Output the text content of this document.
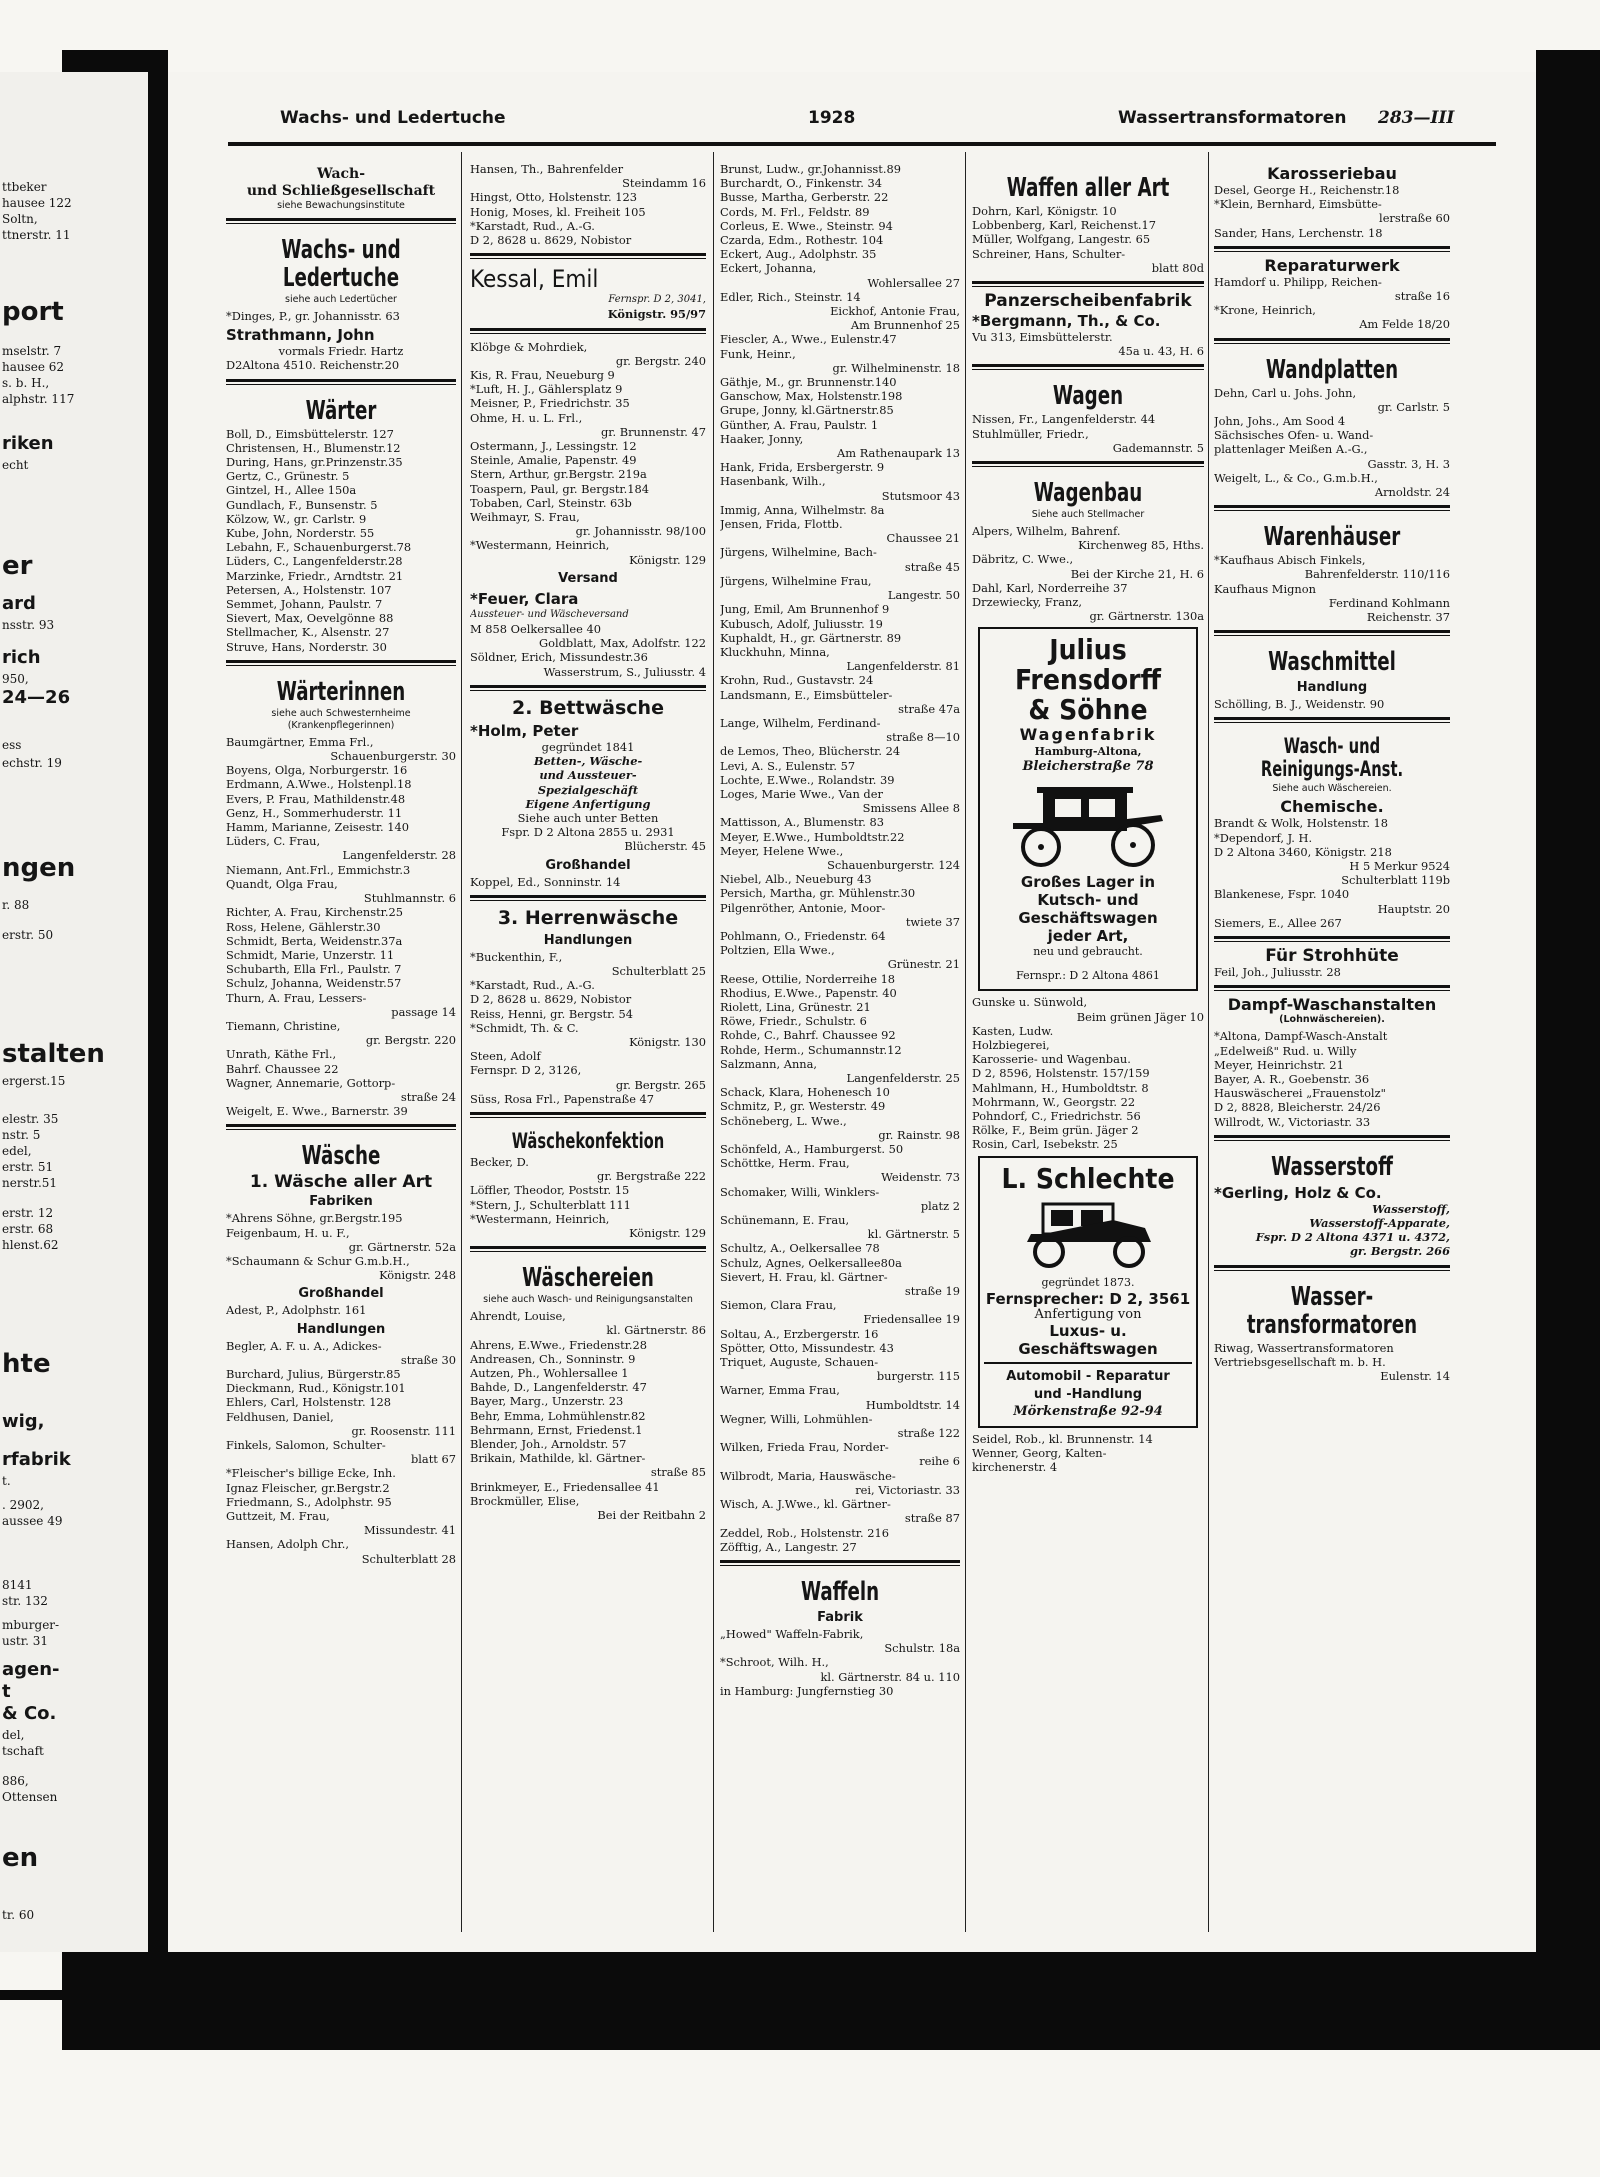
ttbeker
hausee 122
Soltn,
ttnerstr. 11
port
mselstr. 7
hausee 62
s. b. H.,
alphstr. 117
riken
echt
er
ard
nsstr. 93
rich
950,
24—26
ess
echstr. 19
ngen
r. 88
erstr. 50
stalten
ergerst.15
elestr. 35
nstr. 5
edel,
erstr. 51
nerstr.51
erstr. 12
erstr. 68
hlenst.62
hte
wig,
rfabrik
t.
. 2902,
aussee 49
8141
str. 132
mburger-
ustr. 31
agen-
t
& Co.
del,
tschaft
886,
Ottensen
en
tr. 60
Wachs- und Ledertuche	1928	Wassertransformatoren 283—III
Wach-
und Schließgesellschaft
siehe Bewachungsinstitute
Wachs- und Ledertuche
siehe auch Ledertücher
*Dinges, P., gr. Johannisstr. 63
Strathmann, John
vormals Friedr. Hartz
D2Altona 4510. Reichenstr.20
Wärter
Boll, D., Eimsbüttelerstr. 127
Christensen, H., Blumenstr.12
During, Hans, gr.Prinzenstr.35
Gertz, C., Grünestr. 5
Gintzel, H., Allee 150a
Gundlach, F., Bunsenstr. 5
Kölzow, W., gr. Carlstr. 9
Kube, John, Norderstr. 55
Lebahn, F., Schauenburgerst.78
Lüders, C., Langenfelderstr.28
Marzinke, Friedr., Arndtstr. 21
Petersen, A., Holstenstr. 107
Semmet, Johann, Paulstr. 7
Sievert, Max, Oevelgönne 88
Stellmacher, K., Alsenstr. 27
Struve, Hans, Norderstr. 30
Wärterinnen
siehe auch Schwesternheime (Krankenpflegerinnen)
Baumgärtner, Emma Frl.,
Schauenburgerstr. 30
Boyens, Olga, Norburgerstr. 16
Erdmann, A.Wwe., Holstenpl.18
Evers, P. Frau, Mathildenstr.48
Genz, H., Sommerhuderstr. 11
Hamm, Marianne, Zeisestr. 140
Lüders, C. Frau,
Langenfelderstr. 28
Niemann, Ant.Frl., Emmichstr.3
Quandt, Olga Frau,
Stuhlmannstr. 6
Richter, A. Frau, Kirchenstr.25
Ross, Helene, Gählerstr.30
Schmidt, Berta, Weidenstr.37a
Schmidt, Marie, Unzerstr. 11
Schubarth, Ella Frl., Paulstr. 7
Schulz, Johanna, Weidenstr.57
Thurn, A. Frau, Lessers-
passage 14
Tiemann, Christine,
gr. Bergstr. 220
Unrath, Käthe Frl.,
Bahrf. Chaussee 22
Wagner, Annemarie, Gottorp-
straße 24
Weigelt, E. Wwe., Barnerstr. 39
Wäsche
1. Wäsche aller Art
Fabriken
*Ahrens Söhne, gr.Bergstr.195
Feigenbaum, H. u. F.,
gr. Gärtnerstr. 52a
*Schaumann & Schur G.m.b.H.,
Königstr. 248
Großhandel
Adest, P., Adolphstr. 161
Handlungen
Begler, A. F. u. A., Adickes-
straße 30
Burchard, Julius, Bürgerstr.85
Dieckmann, Rud., Königstr.101
Ehlers, Carl, Holstenstr. 128
Feldhusen, Daniel,
gr. Roosenstr. 111
Finkels, Salomon, Schulter-
blatt 67
*Fleischer's billige Ecke, Inh.
Ignaz Fleischer, gr.Bergstr.2
Friedmann, S., Adolphstr. 95
Guttzeit, M. Frau,
Missundestr. 41
Hansen, Adolph Chr.,
Schulterblatt 28
Hansen, Th., Bahrenfelder
Steindamm 16
Hingst, Otto, Holstenstr. 123
Honig, Moses, kl. Freiheit 105
*Karstadt, Rud., A.-G.
D 2, 8628 u. 8629, Nobistor
Kessal, Emil
Fernspr. D 2, 3041,
Königstr. 95/97
Klöbge & Mohrdiek,
gr. Bergstr. 240
Kis, R. Frau, Neueburg 9
*Luft, H. J., Gählersplatz 9
Meisner, P., Friedrichstr. 35
Ohme, H. u. L. Frl.,
gr. Brunnenstr. 47
Ostermann, J., Lessingstr. 12
Steinle, Amalie, Papenstr. 49
Stern, Arthur, gr.Bergstr. 219a
Toaspern, Paul, gr. Bergstr.184
Tobaben, Carl, Steinstr. 63b
Weihmayr, S. Frau,
gr. Johannisstr. 98/100
*Westermann, Heinrich,
Königstr. 129
Versand
*Feuer, Clara
Aussteuer- und Wäscheversand
M 858 Oelkersallee 40
Goldblatt, Max, Adolfstr. 122
Söldner, Erich, Missundestr.36
Wasserstrum, S., Juliusstr. 4
2. Bettwäsche
*Holm, Peter
gegründet 1841
Betten-, Wäsche-
und Aussteuer-
Spezialgeschäft
Eigene Anfertigung
Siehe auch unter Betten
Fspr. D 2 Altona 2855 u. 2931
Blücherstr. 45
Großhandel
Koppel, Ed., Sonninstr. 14
3. Herrenwäsche
Handlungen
*Buckenthin, F.,
Schulterblatt 25
*Karstadt, Rud., A.-G.
D 2, 8628 u. 8629, Nobistor
Reiss, Henni, gr. Bergstr. 54
*Schmidt, Th. & C.
Königstr. 130
Steen, Adolf
Fernspr. D 2, 3126,
gr. Bergstr. 265
Süss, Rosa Frl., Papenstraße 47
Wäschekonfektion
Becker, D.
gr. Bergstraße 222
Löffler, Theodor, Poststr. 15
*Stern, J., Schulterblatt 111
*Westermann, Heinrich,
Königstr. 129
Wäschereien
siehe auch Wasch- und Reinigungsanstalten
Ahrendt, Louise,
kl. Gärtnerstr. 86
Ahrens, E.Wwe., Friedenstr.28
Andreasen, Ch., Sonninstr. 9
Autzen, Ph., Wohlersallee 1
Bahde, D., Langenfelderstr. 47
Bayer, Marg., Unzerstr. 23
Behr, Emma, Lohmühlenstr.82
Behrmann, Ernst, Friedenst.1
Blender, Joh., Arnoldstr. 57
Brikain, Mathilde, kl. Gärtner-
straße 85
Brinkmeyer, E., Friedensallee 41
Brockmüller, Elise,
Bei der Reitbahn 2
Brunst, Ludw., gr.Johannisst.89
Burchardt, O., Finkenstr. 34
Busse, Martha, Gerberstr. 22
Cords, M. Frl., Feldstr. 89
Corleus, E. Wwe., Steinstr. 94
Czarda, Edm., Rothestr. 104
Eckert, Aug., Adolphstr. 35
Eckert, Johanna,
Wohlersallee 27
Edler, Rich., Steinstr. 14
Eickhof, Antonie Frau,
Am Brunnenhof 25
Fiescler, A., Wwe., Eulenstr.47
Funk, Heinr.,
gr. Wilhelminenstr. 18
Gäthje, M., gr. Brunnenstr.140
Ganschow, Max, Holstenstr.198
Grupe, Jonny, kl.Gärtnerstr.85
Günther, A. Frau, Paulstr. 1
Haaker, Jonny,
Am Rathenaupark 13
Hank, Frida, Ersbergerstr. 9
Hasenbank, Wilh.,
Stutsmoor 43
Immig, Anna, Wilhelmstr. 8a
Jensen, Frida, Flottb.
Chaussee 21
Jürgens, Wilhelmine, Bach-
straße 45
Jürgens, Wilhelmine Frau,
Langestr. 50
Jung, Emil, Am Brunnenhof 9
Kubusch, Adolf, Juliusstr. 19
Kuphaldt, H., gr. Gärtnerstr. 89
Kluckhuhn, Minna,
Langenfelderstr. 81
Krohn, Rud., Gustavstr. 24
Landsmann, E., Eimsbütteler-
straße 47a
Lange, Wilhelm, Ferdinand-
straße 8—10
de Lemos, Theo, Blücherstr. 24
Levi, A. S., Eulenstr. 57
Lochte, E.Wwe., Rolandstr. 39
Loges, Marie Wwe., Van der
Smissens Allee 8
Mattisson, A., Blumenstr. 83
Meyer, E.Wwe., Humboldtstr.22
Meyer, Helene Wwe.,
Schauenburgerstr. 124
Niebel, Alb., Neueburg 43
Persich, Martha, gr. Mühlenstr.30
Pilgenröther, Antonie, Moor-
twiete 37
Pohlmann, O., Friedenstr. 64
Poltzien, Ella Wwe.,
Grünestr. 21
Reese, Ottilie, Norderreihe 18
Rhodius, E.Wwe., Papenstr. 40
Riolett, Lina, Grünestr. 21
Röwe, Friedr., Schulstr. 6
Rohde, C., Bahrf. Chaussee 92
Rohde, Herm., Schumannstr.12
Salzmann, Anna,
Langenfelderstr. 25
Schack, Klara, Hohenesch 10
Schmitz, P., gr. Westerstr. 49
Schöneberg, L. Wwe.,
gr. Rainstr. 98
Schönfeld, A., Hamburgerst. 50
Schöttke, Herm. Frau,
Weidenstr. 73
Schomaker, Willi, Winklers-
platz 2
Schünemann, E. Frau,
kl. Gärtnerstr. 5
Schultz, A., Oelkersallee 78
Schulz, Agnes, Oelkersallee80a
Sievert, H. Frau, kl. Gärtner-
straße 19
Siemon, Clara Frau,
Friedensallee 19
Soltau, A., Erzbergerstr. 16
Spötter, Otto, Missundestr. 43
Triquet, Auguste, Schauen-
burgerstr. 115
Warner, Emma Frau,
Humboldtstr. 14
Wegner, Willi, Lohmühlen-
straße 122
Wilken, Frieda Frau, Norder-
reihe 6
Wilbrodt, Maria, Hauswäsche-
rei, Victoriastr. 33
Wisch, A. J.Wwe., kl. Gärtner-
straße 87
Zeddel, Rob., Holstenstr. 216
Zöfftig, A., Langestr. 27
Waffeln
Fabrik
„Howed" Waffeln-Fabrik,
Schulstr. 18a
*Schroot, Wilh. H.,
kl. Gärtnerstr. 84 u. 110
in Hamburg: Jungfernstieg 30
Waffen aller Art
Dohrn, Karl, Königstr. 10
Lobbenberg, Karl, Reichenst.17
Müller, Wolfgang, Langestr. 65
Schreiner, Hans, Schulter-
blatt 80d
Panzerscheibenfabrik
*Bergmann, Th., & Co.
Vu 313, Eimsbüttelerstr.
45a u. 43, H. 6
Wagen
Nissen, Fr., Langenfelderstr. 44
Stuhlmüller, Friedr.,
Gademannstr. 5
Wagenbau
Siehe auch Stellmacher
Alpers, Wilhelm, Bahrenf.
Kirchenweg 85, Hths.
Däbritz, C. Wwe.,
Bei der Kirche 21, H. 6
Dahl, Karl, Norderreihe 37
Drzewiecky, Franz,
gr. Gärtnerstr. 130a
Julius Frensdorff
& Söhne
Wagenfabrik
Hamburg-Altona,
Bleicherstraße 78
Großes Lager in
Kutsch- und
Geschäftswagen
jeder Art,
neu und gebraucht.
Fernspr.: D 2 Altona 4861
Gunske u. Sünwold,
Beim grünen Jäger 10
Kasten, Ludw.
Holzbiegerei,
Karosserie- und Wagenbau.
D 2, 8596, Holstenstr. 157/159
Mahlmann, H., Humboldtstr. 8
Mohrmann, W., Georgstr. 22
Pohndorf, C., Friedrichstr. 56
Rölke, F., Beim grün. Jäger 2
Rosin, Carl, Isebekstr. 25
L. Schlechte
gegründet 1873.
Fernsprecher: D 2, 3561
Anfertigung von
Luxus- u. Geschäftswagen
Automobil - Reparatur
und -Handlung
Mörkenstraße 92-94
Seidel, Rob., kl. Brunnenstr. 14
Wenner, Georg, Kalten-
kirchenerstr. 4
Karosseriebau
Desel, George H., Reichenstr.18
*Klein, Bernhard, Eimsbütte-
lerstraße 60
Sander, Hans, Lerchenstr. 18
Reparaturwerk
Hamdorf u. Philipp, Reichen-
straße 16
*Krone, Heinrich,
Am Felde 18/20
Wandplatten
Dehn, Carl u. Johs. John,
gr. Carlstr. 5
John, Johs., Am Sood 4
Sächsisches Ofen- u. Wand-
plattenlager Meißen A.-G.,
Gasstr. 3, H. 3
Weigelt, L., & Co., G.m.b.H.,
Arnoldstr. 24
Warenhäuser
*Kaufhaus Abisch Finkels,
Bahrenfelderstr. 110/116
Kaufhaus Mignon
Ferdinand Kohlmann
Reichenstr. 37
Waschmittel
Handlung
Schölling, B. J., Weidenstr. 90
Wasch- und Reinigungs-Anst.
Siehe auch Wäschereien.
Chemische.
Brandt & Wolk, Holstenstr. 18
*Dependorf, J. H.
D 2 Altona 3460, Königstr. 218
H 5 Merkur 9524
Schulterblatt 119b
Blankenese, Fspr. 1040
Hauptstr. 20
Siemers, E., Allee 267
Für Strohhüte
Feil, Joh., Juliusstr. 28
Dampf-Waschanstalten
(Lohnwäschereien).
*Altona, Dampf-Wasch-Anstalt
„Edelweiß" Rud. u. Willy
Meyer, Heinrichstr. 21
Bayer, A. R., Goebenstr. 36
Hauswäscherei „Frauenstolz"
D 2, 8828, Bleicherstr. 24/26
Willrodt, W., Victoriastr. 33
Wasserstoff
*Gerling, Holz & Co.
Wasserstoff,
Wasserstoff-Apparate,
Fspr. D 2 Altona 4371 u. 4372,
gr. Bergstr. 266
Wasser-transformatoren
Riwag, Wassertransformatoren
Vertriebsgesellschaft m. b. H.
Eulenstr. 14
